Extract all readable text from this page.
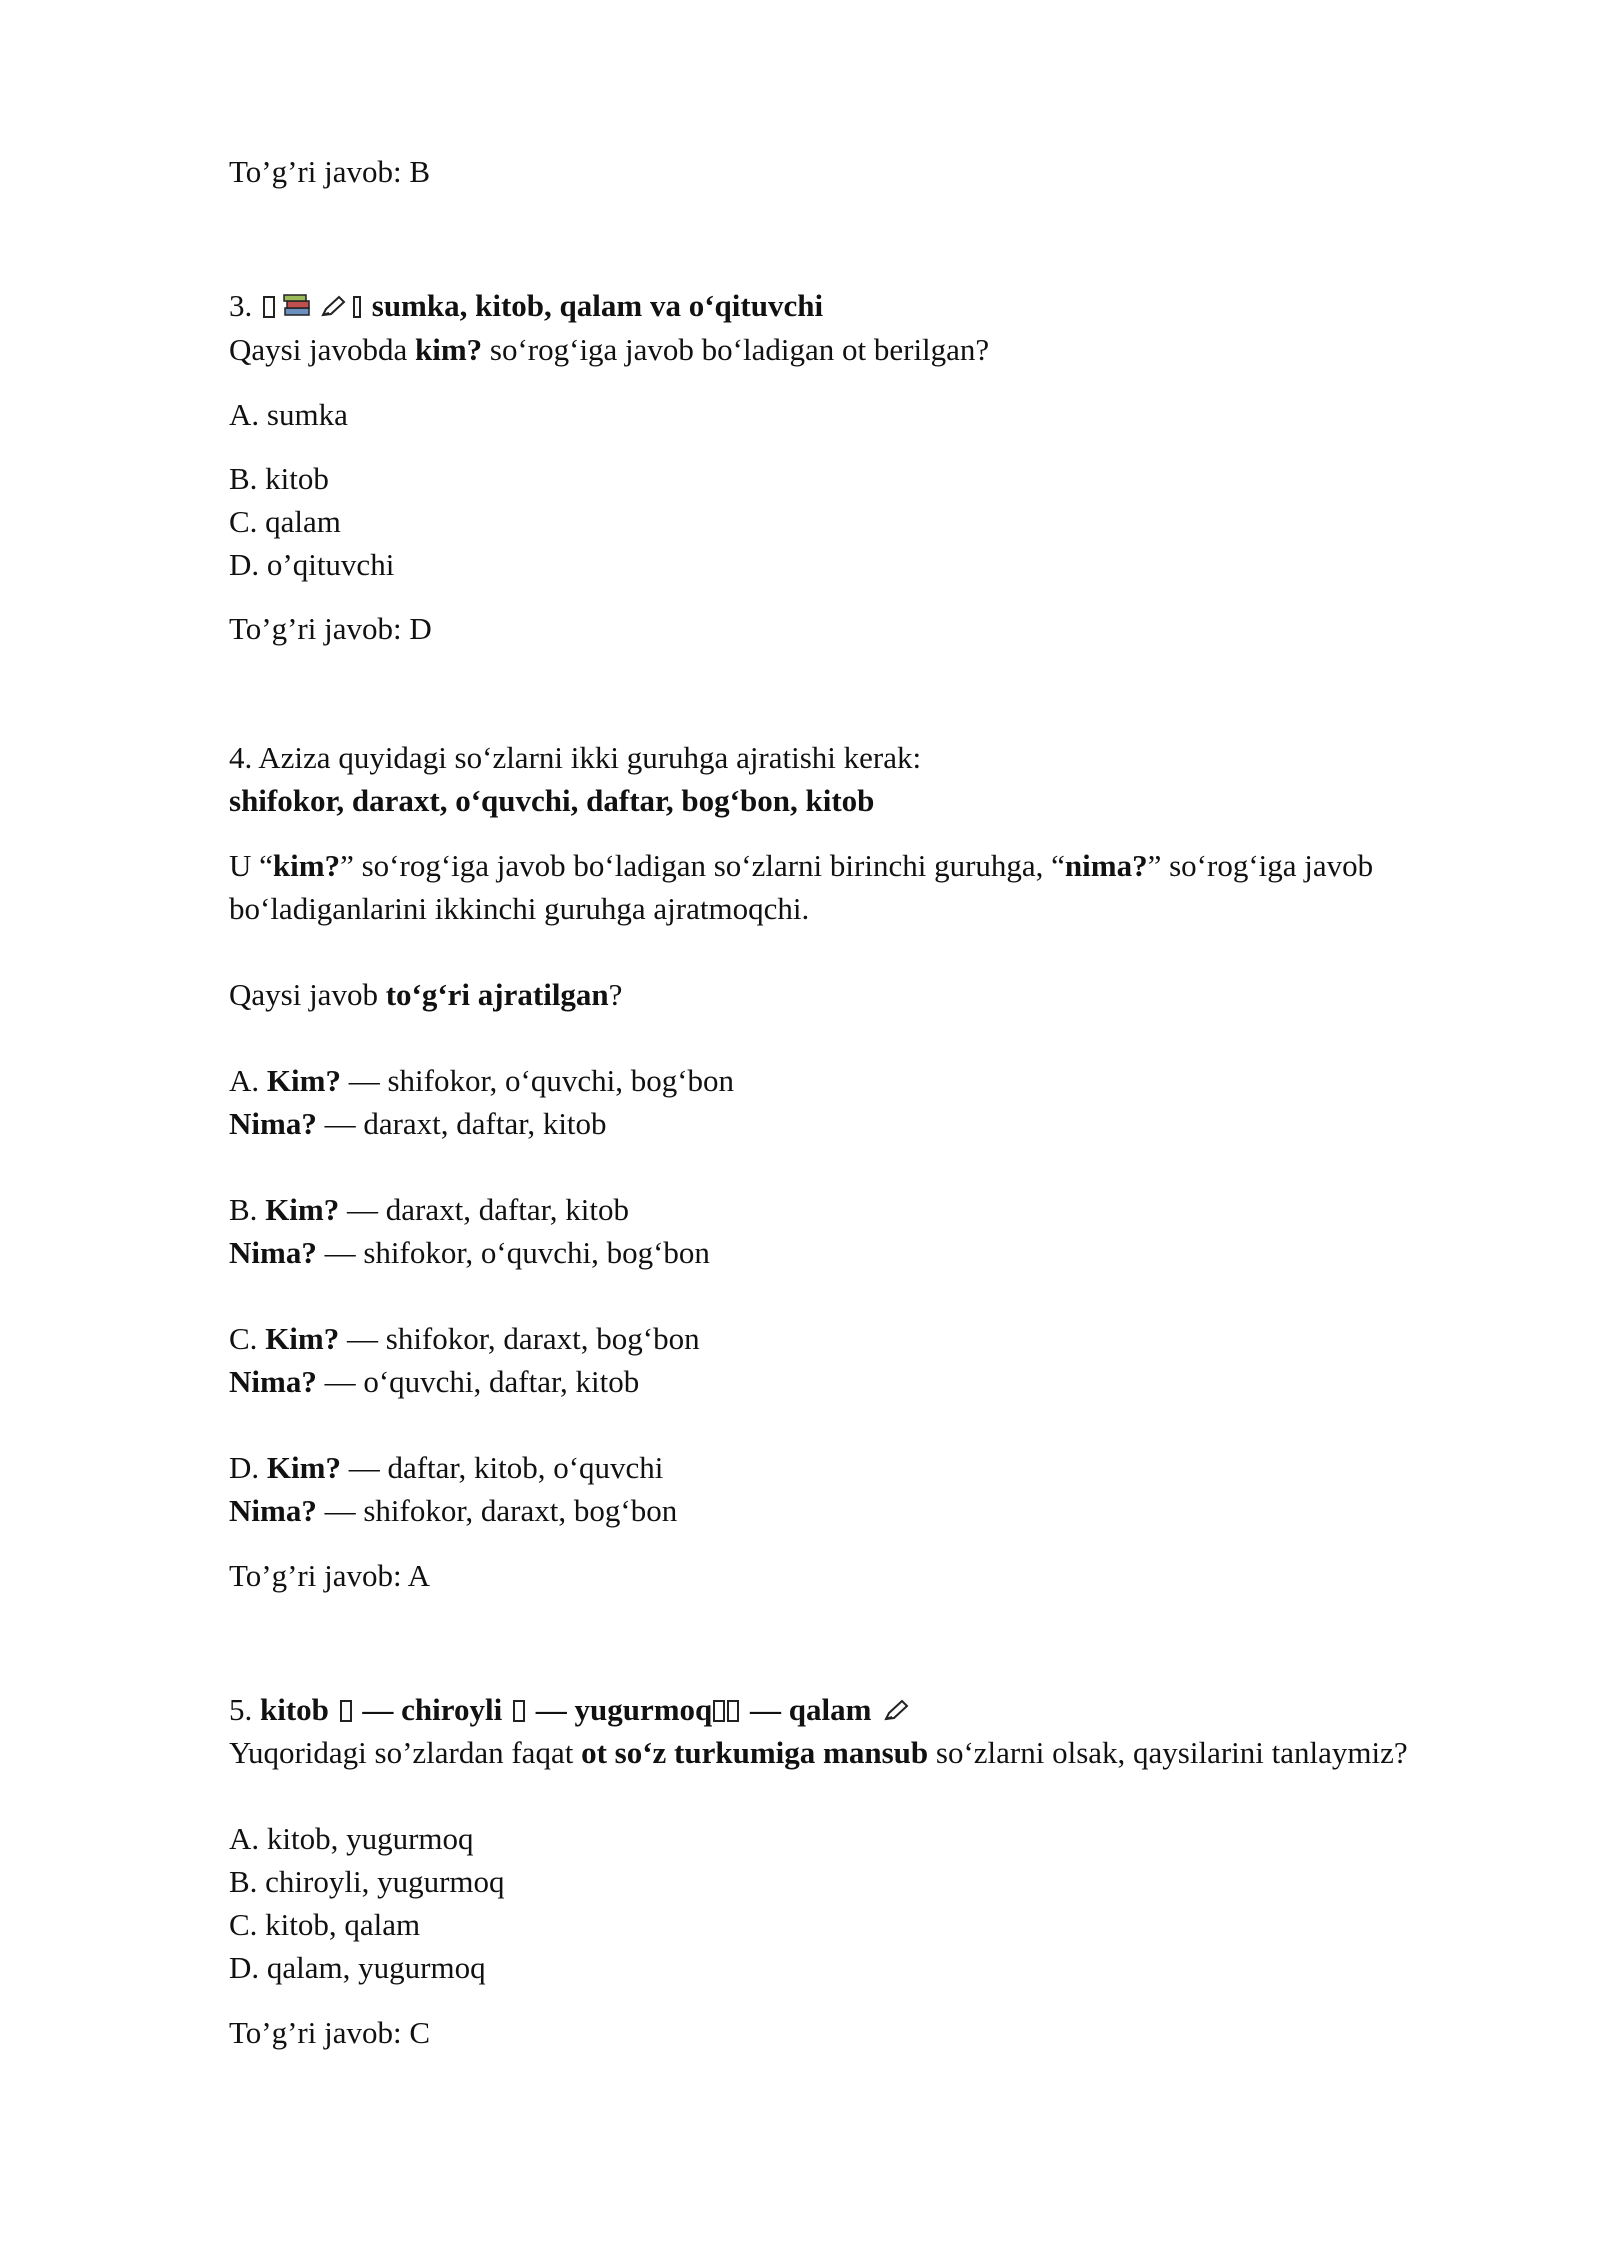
To’g’ri javob: B
3.	sumka, kitob, qalam va o‘qituvchi
Qaysi javobda kim? so‘rog‘iga javob bo‘ladigan ot berilgan?
A. sumka
B. kitob
C. qalam
D. o’qituvchi
To’g’ri javob: D
4. Aziza quyidagi so‘zlarni ikki guruhga ajratishi kerak:
shifokor, daraxt, o‘quvchi, daftar, bog‘bon, kitob
U “kim?” so‘rog‘iga javob bo‘ladigan so‘zlarni birinchi guruhga, “nima?” so‘rog‘iga javob
bo‘ladiganlarini ikkinchi guruhga ajratmoqchi.
Qaysi javob to‘g‘ri ajratilgan?
A. Kim? — shifokor, o‘quvchi, bog‘bon
Nima? — daraxt, daftar, kitob
B. Kim? — daraxt, daftar, kitob
Nima? — shifokor, o‘quvchi, bog‘bon
C. Kim? — shifokor, daraxt, bog‘bon
Nima? — o‘quvchi, daftar, kitob
D. Kim? — daftar, kitob, o‘quvchi
Nima? — shifokor, daraxt, bog‘bon
To’g’ri javob: A
5. kitob  — chiroyli  — yugurmoq — qalam
Yuqoridagi so’zlardan faqat ot so‘z turkumiga mansub so‘zlarni olsak, qaysilarini tanlaymiz?
A. kitob, yugurmoq
B. chiroyli, yugurmoq
C. kitob, qalam
D. qalam, yugurmoq
To’g’ri javob: C
